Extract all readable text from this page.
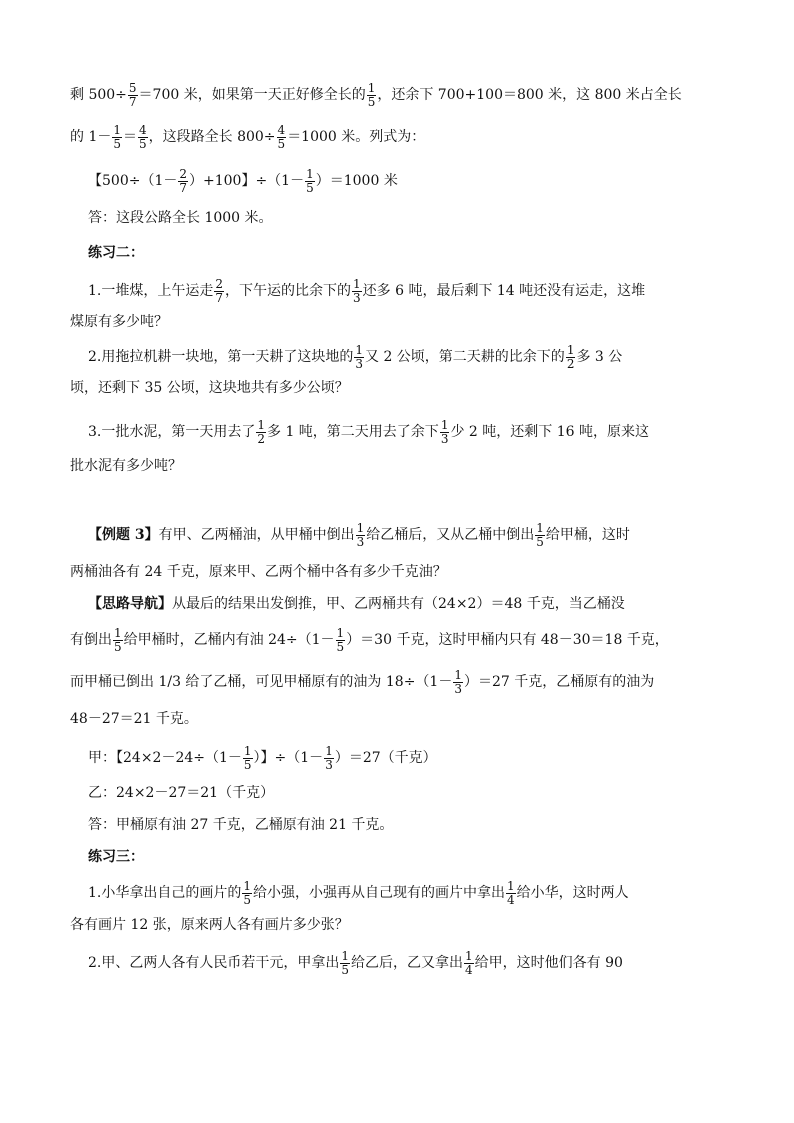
剩 $500\div \frac{5}{7} =700$ 米，如果第一天正好修全长的 $\frac{1}{5}$ ，还余下 700+100＝800 米，这 800 米占全长
的 $1- \frac{1}{5} = \frac{4}{5}$ ，这段路全长 $800\div \frac{4}{5} =1000$ 米。列式为：
【$500\div(1- \frac{2}{7} )+100$】$\div(1- \frac{1}{5} )=1000$ 米
答：这段公路全长 1000 米。
练习二：
1.一堆煤，上午运走 $\frac{2}{7}$ ，下午运的比余下的 $\frac{1}{3}$ 还多 6 吨，最后剩下 14 吨还没有运走，这堆
煤原有多少吨？
2.用拖拉机耕一块地，第一天耕了这块地的 $\frac{1}{3}$ 又 2 公顷，第二天耕的比余下的 $\frac{1}{2}$ 多 3 公
顷，还剩下 35 公顷，这块地共有多少公顷？
3.一批水泥，第一天用去了 $\frac{1}{2}$ 多 1 吨，第二天用去了余下 $\frac{1}{3}$ 少 2 吨，还剩下 16 吨，原来这
批水泥有多少吨？
【例题 3】有甲、乙两桶油，从甲桶中倒出 $\frac{1}{3}$ 给乙桶后，又从乙桶中倒出 $\frac{1}{5}$ 给甲桶，这时
两桶油各有 24 千克，原来甲、乙两个桶中各有多少千克油？
【思路导航】从最后的结果出发倒推，甲、乙两桶共有（24×2）＝48 千克，当乙桶没
有倒出 $\frac{1}{5}$ 给甲桶时，乙桶内有油 $24\div(1- \frac{1}{5} )=30$ 千克，这时甲桶内只有 48－30＝18 千克，
而甲桶已倒出 1/3 给了乙桶，可见甲桶原有的油为 $18\div(1- \frac{1}{3} )=27$ 千克，乙桶原有的油为
48－27＝21 千克。
甲：【$24\times 2-24\div(1- \frac{1}{5}$ ）】$\div(1- \frac{1}{3} )=27$（千克）
乙：24×2－27＝21（千克）
答：甲桶原有油 27 千克，乙桶原有油 21 千克。
练习三：
1.小华拿出自己的画片的 $\frac{1}{5}$ 给小强，小强再从自己现有的画片中拿出 $\frac{1}{4}$ 给小华，这时两人
各有画片 12 张，原来两人各有画片多少张？
2.甲、乙两人各有人民币若干元，甲拿出 $\frac{1}{5}$ 给乙后，乙又拿出 $\frac{1}{4}$ 给甲，这时他们各有 90
